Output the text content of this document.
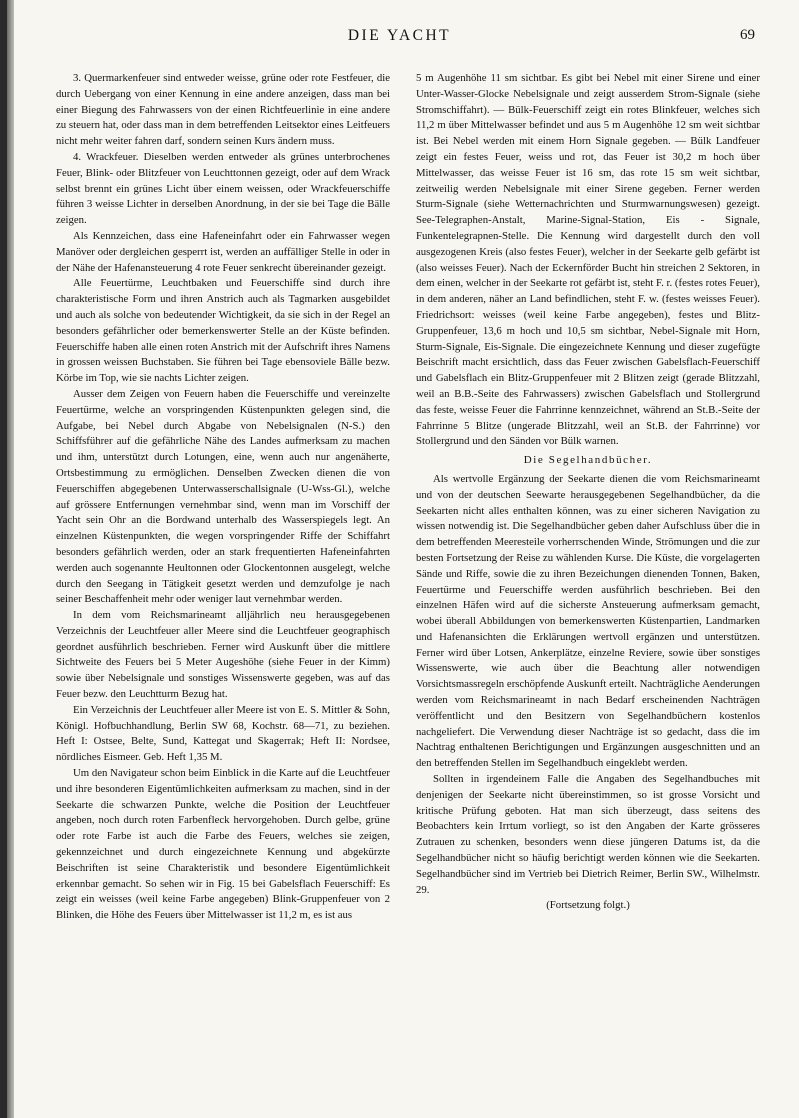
DIE YACHT	69

3. Quermarkenfeuer sind entweder weisse, grüne oder rote Festfeuer, die durch Uebergang von einer Kennung in eine andere anzeigen, dass man bei einer Biegung des Fahrwassers von der einen Richtfeuerlinie in eine andere zu steuern hat, oder dass man in dem betreffenden Leitsektor eines Leitfeuers nicht mehr weiter fahren darf, sondern seinen Kurs ändern muss.

4. Wrackfeuer. Dieselben werden entweder als grünes unterbrochenes Feuer, Blink- oder Blitzfeuer von Leuchttonnen gezeigt, oder auf dem Wrack selbst brennt ein grünes Licht über einem weissen, oder Wrackfeuerschiffe führen 3 weisse Lichter in derselben Anordnung, in der sie bei Tage die Bälle zeigen.

Als Kennzeichen, dass eine Hafeneinfahrt oder ein Fahrwasser wegen Manöver oder dergleichen gesperrt ist, werden an auffälliger Stelle in oder in der Nähe der Hafenansteuerung 4 rote Feuer senkrecht übereinander gezeigt.

Alle Feuertürme, Leuchtbaken und Feuerschiffe sind durch ihre charakteristische Form und ihren Anstrich auch als Tagmarken ausgebildet und auch als solche von bedeutender Wichtigkeit, da sie sich in der Regel an besonders gefährlicher oder bemerkenswerter Stelle an der Küste befinden. Feuerschiffe haben alle einen roten Anstrich mit der Aufschrift ihres Namens in grossen weissen Buchstaben. Sie führen bei Tage ebensoviele Bälle bezw. Körbe im Top, wie sie nachts Lichter zeigen.

Ausser dem Zeigen von Feuern haben die Feuerschiffe und vereinzelte Feuertürme, welche an vorspringenden Küstenpunkten gelegen sind, die Aufgabe, bei Nebel durch Abgabe von Nebelsignalen (N-S.) den Schiffsführer auf die gefährliche Nähe des Landes aufmerksam zu machen und ihm, unterstützt durch Lotungen, eine, wenn auch nur angenäherte, Ortsbestimmung zu ermöglichen. Denselben Zwecken dienen die von Feuerschiffen abgegebenen Unterwasserschallsignale (U-Wss-Gl.), welche auf grössere Entfernungen vernehmbar sind, wenn man im Vorschiff der Yacht sein Ohr an die Bordwand unterhalb des Wasserspiegels legt. An einzelnen Küstenpunkten, die wegen vorspringender Riffe der Schiffahrt besonders gefährlich werden, oder an stark frequentierten Hafeneinfahrten werden auch sogenannte Heultonnen oder Glockentonnen ausgelegt, welche durch den Seegang in Tätigkeit gesetzt werden und demzufolge je nach seiner Beschaffenheit mehr oder weniger laut vernehmbar werden.

In dem vom Reichsmarineamt alljährlich neu herausgegebenen Verzeichnis der Leuchtfeuer aller Meere sind die Leuchtfeuer geographisch geordnet ausführlich beschrieben. Ferner wird Auskunft über die mittlere Sichtweite des Feuers bei 5 Meter Augeshöhe (siehe Feuer in der Kimm) sowie über Nebelsignale und sonstiges Wissenswerte gegeben, was auf das Feuer bezw. den Leuchtturm Bezug hat.

Ein Verzeichnis der Leuchtfeuer aller Meere ist von E. S. Mittler & Sohn, Königl. Hofbuchhandlung, Berlin SW 68, Kochstr. 68—71, zu beziehen. Heft I: Ostsee, Belte, Sund, Kattegat und Skagerrak; Heft II: Nordsee, nördliches Eismeer. Geb. Heft 1,35 M.

Um den Navigateur schon beim Einblick in die Karte auf die Leuchtfeuer und ihre besonderen Eigentümlichkeiten aufmerksam zu machen, sind in der Seekarte die schwarzen Punkte, welche die Position der Leuchtfeuer angeben, noch durch roten Farbenfleck hervorgehoben. Durch gelbe, grüne oder rote Farbe ist auch die Farbe des Feuers, welches sie zeigen, gekennzeichnet und durch eingezeichnete Kennung und abgekürzte Beischriften ist seine Charakteristik und besondere Eigentümlichkeit erkennbar gemacht. So sehen wir in Fig. 15 bei Gabelsflach Feuerschiff: Es zeigt ein weisses (weil keine Farbe angegeben) Blink-Gruppenfeuer von 2 Blinken, die Höhe des Feuers über Mittelwasser ist 11,2 m, es ist aus

5 m Augenhöhe 11 sm sichtbar. Es gibt bei Nebel mit einer Sirene und einer Unter-Wasser-Glocke Nebelsignale und zeigt ausserdem Strom-Signale (siehe Stromschiffahrt). — Bülk-Feuerschiff zeigt ein rotes Blinkfeuer, welches sich 11,2 m über Mittelwasser befindet und aus 5 m Augenhöhe 12 sm weit sichtbar ist. Bei Nebel werden mit einem Horn Signale gegeben. — Bülk Landfeuer zeigt ein festes Feuer, weiss und rot, das Feuer ist 30,2 m hoch über Mittelwasser, das weisse Feuer ist 16 sm, das rote 15 sm weit sichtbar, zeitweilig werden Nebelsignale mit einer Sirene gegeben. Ferner werden Sturm-Signale (siehe Wetternachrichten und Sturmwarnungswesen) gezeigt. See-Telegraphen-Anstalt, Marine-Signal-Station, Eis - Signale, Funkentelegrapnen-Stelle. Die Kennung wird dargestellt durch den voll ausgezogenen Kreis (also festes Feuer), welcher in der Seekarte gelb gefärbt ist (also weisses Feuer). Nach der Eckernförder Bucht hin streichen 2 Sektoren, in dem einen, welcher in der Seekarte rot gefärbt ist, steht F. r. (festes rotes Feuer), in dem anderen, näher an Land befindlichen, steht F. w. (festes weisses Feuer). Friedrichsort: weisses (weil keine Farbe angegeben), festes und Blitz-Gruppenfeuer, 13,6 m hoch und 10,5 sm sichtbar, Nebel-Signale mit Horn, Sturm-Signale, Eis-Signale. Die eingezeichnete Kennung und dieser zugefügte Beischrift macht ersichtlich, dass das Feuer zwischen Gabelsflach-Feuerschiff und Gabelsflach ein Blitz-Gruppenfeuer mit 2 Blitzen zeigt (gerade Blitzzahl, weil an B.B.-Seite des Fahrwassers) zwischen Gabelsflach und Stollergrund das feste, weisse Feuer die Fahrrinne kennzeichnet, während an St.B.-Seite der Fahrrinne 5 Blitze (ungerade Blitzzahl, weil an St.B. der Fahrrinne) vor Stollergrund und den Sänden vor Bülk warnen.

Die Segelhandbücher.

Als wertvolle Ergänzung der Seekarte dienen die vom Reichsmarineamt und von der deutschen Seewarte herausgegebenen Segelhandbücher, da die Seekarten nicht alles enthalten können, was zu einer sicheren Navigation zu wissen notwendig ist. Die Segelhandbücher geben daher Aufschluss über die in dem betreffenden Meeresteile vorherrschenden Winde, Strömungen und die zur besten Fortsetzung der Reise zu wählenden Kurse. Die Küste, die vorgelagerten Sände und Riffe, sowie die zu ihren Bezeichungen dienenden Tonnen, Baken, Feuertürme und Feuerschiffe werden ausführlich beschrieben. Bei den einzelnen Häfen wird auf die sicherste Ansteuerung aufmerksam gemacht, wobei überall Abbildungen von bemerkenswerten Küstenpartien, Landmarken und Hafenansichten die Erklärungen wertvoll ergänzen und unterstützen. Ferner wird über Lotsen, Ankerplätze, einzelne Reviere, sowie über sonstiges Wissenswerte, wie auch über die Beachtung aller notwendigen Vorsichtsmassregeln erschöpfende Auskunft erteilt. Nachträgliche Aenderungen werden vom Reichsmarineamt in nach Bedarf erscheinenden Nachträgen veröffentlicht und den Besitzern von Segelhandbüchern kostenlos nachgeliefert. Die Verwendung dieser Nachträge ist so gedacht, dass die im Nachtrag enthaltenen Berichtigungen und Ergänzungen ausgeschnitten und an den betreffenden Stellen im Segelhandbuch eingeklebt werden.

Sollten in irgendeinem Falle die Angaben des Segelhandbuches mit denjenigen der Seekarte nicht übereinstimmen, so ist grosse Vorsicht und kritische Prüfung geboten. Hat man sich überzeugt, dass seitens des Beobachters kein Irrtum vorliegt, so ist den Angaben der Karte grösseres Zutrauen zu schenken, besonders wenn diese jüngeren Datums ist, da die Segelhandbücher nicht so häufig berichtigt werden können wie die Seekarten. Segelhandbücher sind im Vertrieb bei Dietrich Reimer, Berlin SW., Wilhelmstr. 29.

(Fortsetzung folgt.)
